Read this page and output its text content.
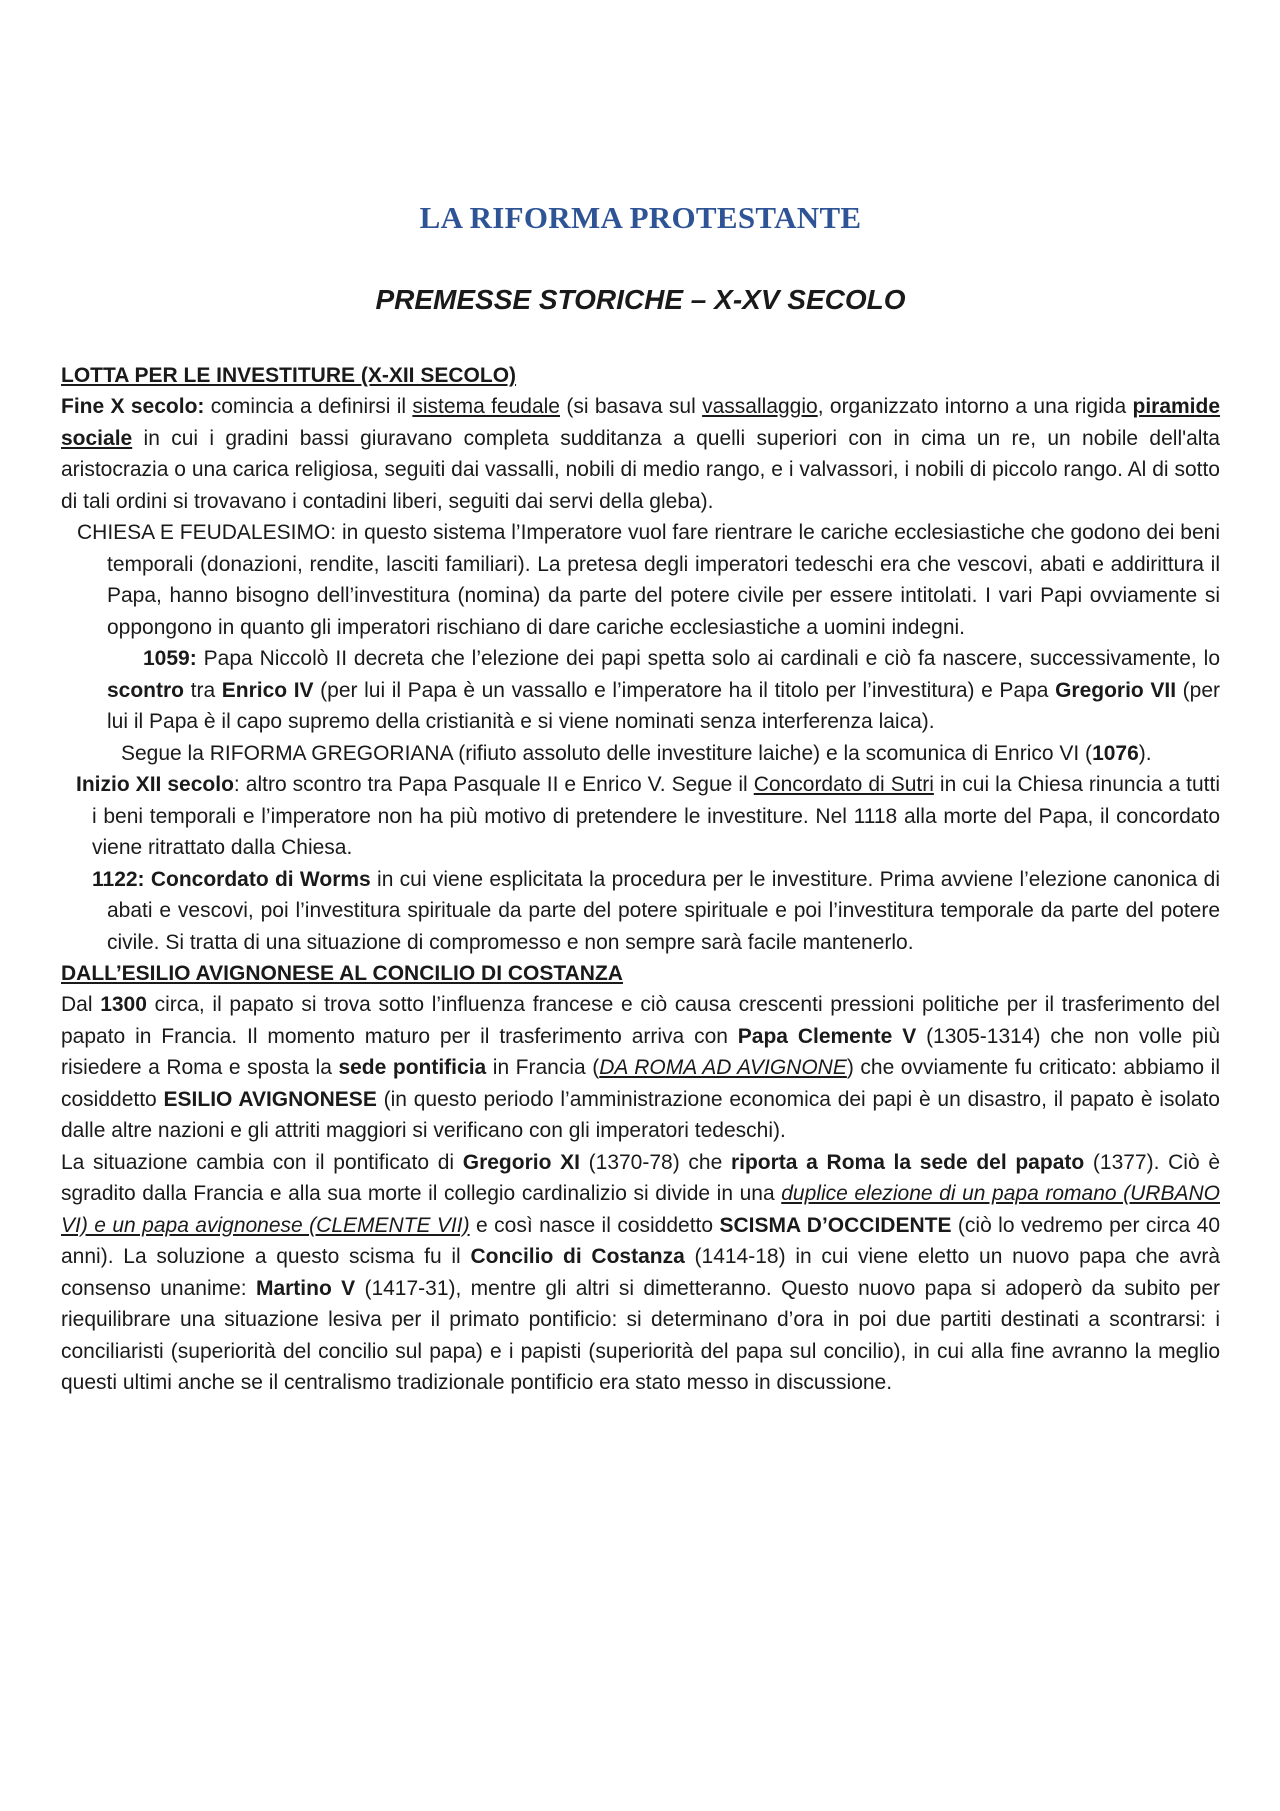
LA RIFORMA PROTESTANTE
PREMESSE STORICHE – X-XV SECOLO
LOTTA PER LE INVESTITURE (X-XII SECOLO)

Fine X secolo: comincia a definirsi il sistema feudale (si basava sul vassallaggio, organizzato intorno a una rigida piramide sociale in cui i gradini bassi giuravano completa sudditanza a quelli superiori con in cima un re, un nobile dell'alta aristocrazia o una carica religiosa, seguiti dai vassalli, nobili di medio rango, e i valvassori, i nobili di piccolo rango. Al di sotto di tali ordini si trovavano i contadini liberi, seguiti dai servi della gleba).

CHIESA E FEUDALESIMO: in questo sistema l’Imperatore vuol fare rientrare le cariche ecclesiastiche che godono dei beni temporali (donazioni, rendite, lasciti familiari). La pretesa degli imperatori tedeschi era che vescovi, abati e addirittura il Papa, hanno bisogno dell’investitura (nomina) da parte del potere civile per essere intitolati. I vari Papi ovviamente si oppongono in quanto gli imperatori rischiano di dare cariche ecclesiastiche a uomini indegni.

1059: Papa Niccolò II decreta che l’elezione dei papi spetta solo ai cardinali e ciò fa nascere, successivamente, lo scontro tra Enrico IV (per lui il Papa è un vassallo e l’imperatore ha il titolo per l’investitura) e Papa Gregorio VII (per lui il Papa è il capo supremo della cristianità e si viene nominati senza interferenza laica).

Segue la RIFORMA GREGORIANA (rifiuto assoluto delle investiture laiche) e la scomunica di Enrico VI (1076).

Inizio XII secolo: altro scontro tra Papa Pasquale II e Enrico V. Segue il Concordato di Sutri in cui la Chiesa rinuncia a tutti i beni temporali e l’imperatore non ha più motivo di pretendere le investiture. Nel 1118 alla morte del Papa, il concordato viene ritrattato dalla Chiesa.

1122: Concordato di Worms in cui viene esplicitata la procedura per le investiture. Prima avviene l’elezione canonica di abati e vescovi, poi l’investitura spirituale da parte del potere spirituale e poi l’investitura temporale da parte del potere civile. Si tratta di una situazione di compromesso e non sempre sarà facile mantenerlo.

DALL’ESILIO AVIGNONESE AL CONCILIO DI COSTANZA

Dal 1300 circa, il papato si trova sotto l’influenza francese e ciò causa crescenti pressioni politiche per il trasferimento del papato in Francia. Il momento maturo per il trasferimento arriva con Papa Clemente V (1305-1314) che non volle più risiedere a Roma e sposta la sede pontificia in Francia (DA ROMA AD AVIGNONE) che ovviamente fu criticato: abbiamo il cosiddetto ESILIO AVIGNONESE (in questo periodo l’amministrazione economica dei papi è un disastro, il papato è isolato dalle altre nazioni e gli attriti maggiori si verificano con gli imperatori tedeschi).

La situazione cambia con il pontificato di Gregorio XI (1370-78) che riporta a Roma la sede del papato (1377). Ciò è sgradito dalla Francia e alla sua morte il collegio cardinalizio si divide in una duplice elezione di un papa romano (URBANO VI) e un papa avignonese (CLEMENTE VII) e così nasce il cosiddetto SCISMA D’OCCIDENTE (ciò lo vedremo per circa 40 anni). La soluzione a questo scisma fu il Concilio di Costanza (1414-18) in cui viene eletto un nuovo papa che avrà consenso unanime: Martino V (1417-31), mentre gli altri si dimetteranno. Questo nuovo papa si adoperò da subito per riequilibrare una situazione lesiva per il primato pontificio: si determinano d’ora in poi due partiti destinati a scontrarsi: i conciliaristi (superiorità del concilio sul papa) e i papisti (superiorità del papa sul concilio), in cui alla fine avranno la meglio questi ultimi anche se il centralismo tradizionale pontificio era stato messo in discussione.
